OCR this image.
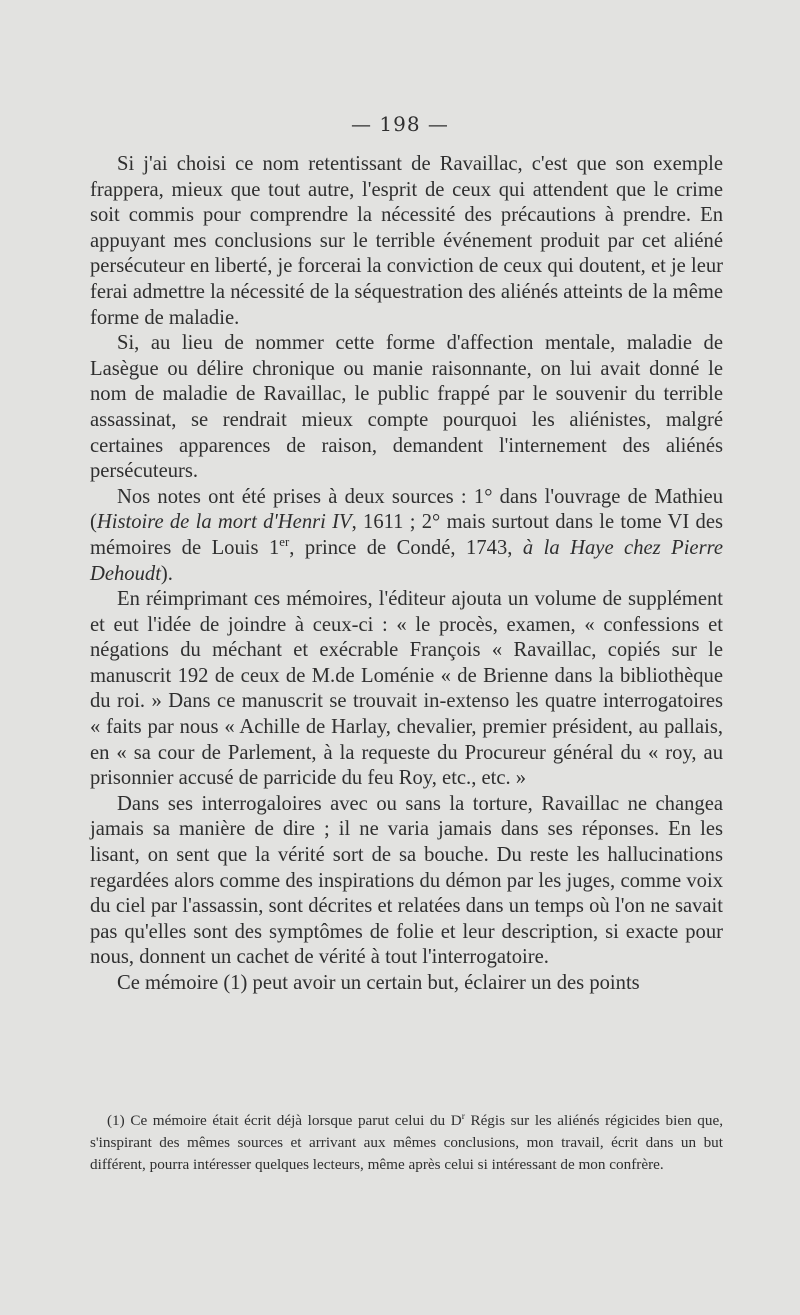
— 198 —

Si j'ai choisi ce nom retentissant de Ravaillac, c'est que son exemple frappera, mieux que tout autre, l'esprit de ceux qui attendent que le crime soit commis pour comprendre la nécessité des précautions à prendre. En appuyant mes conclusions sur le terrible événement produit par cet aliéné persécuteur en liberté, je forcerai la conviction de ceux qui doutent, et je leur ferai admettre la nécessité de la séquestration des aliénés atteints de la même forme de maladie.

Si, au lieu de nommer cette forme d'affection mentale, maladie de Lasègue ou délire chronique ou manie raisonnante, on lui avait donné le nom de maladie de Ravaillac, le public frappé par le souvenir du terrible assassinat, se rendrait mieux compte pourquoi les aliénistes, malgré certaines apparences de raison, demandent l'internement des aliénés persécuteurs.

Nos notes ont été prises à deux sources : 1° dans l'ouvrage de Mathieu (Histoire de la mort d'Henri IV, 1611 ; 2° mais surtout dans le tome VI des mémoires de Louis 1er, prince de Condé, 1743, à la Haye chez Pierre Dehoudt).

En réimprimant ces mémoires, l'éditeur ajouta un volume de supplément et eut l'idée de joindre à ceux-ci : « le procès, examen, « confessions et négations du méchant et exécrable François « Ravaillac, copiés sur le manuscrit 192 de ceux de M.de Loménie « de Brienne dans la bibliothèque du roi. » Dans ce manuscrit se trouvait in-extenso les quatre interrogatoires « faits par nous « Achille de Harlay, chevalier, premier président, au pallais, en « sa cour de Parlement, à la requeste du Procureur général du « roy, au prisonnier accusé de parricide du feu Roy, etc., etc. »

Dans ses interrogaloires avec ou sans la torture, Ravaillac ne changea jamais sa manière de dire ; il ne varia jamais dans ses réponses. En les lisant, on sent que la vérité sort de sa bouche. Du reste les hallucinations regardées alors comme des inspirations du démon par les juges, comme voix du ciel par l'assassin, sont décrites et relatées dans un temps où l'on ne savait pas qu'elles sont des symptômes de folie et leur description, si exacte pour nous, donnent un cachet de vérité à tout l'interrogatoire.

Ce mémoire (1) peut avoir un certain but, éclairer un des points

(1) Ce mémoire était écrit déjà lorsque parut celui du $D^r$ Régis sur les aliénés régicides bien que, s'inspirant des mêmes sources et arrivant aux mêmes conclusions, mon travail, écrit dans un but différent, pourra intéresser quelques lecteurs, même après celui si intéressant de mon confrère.
